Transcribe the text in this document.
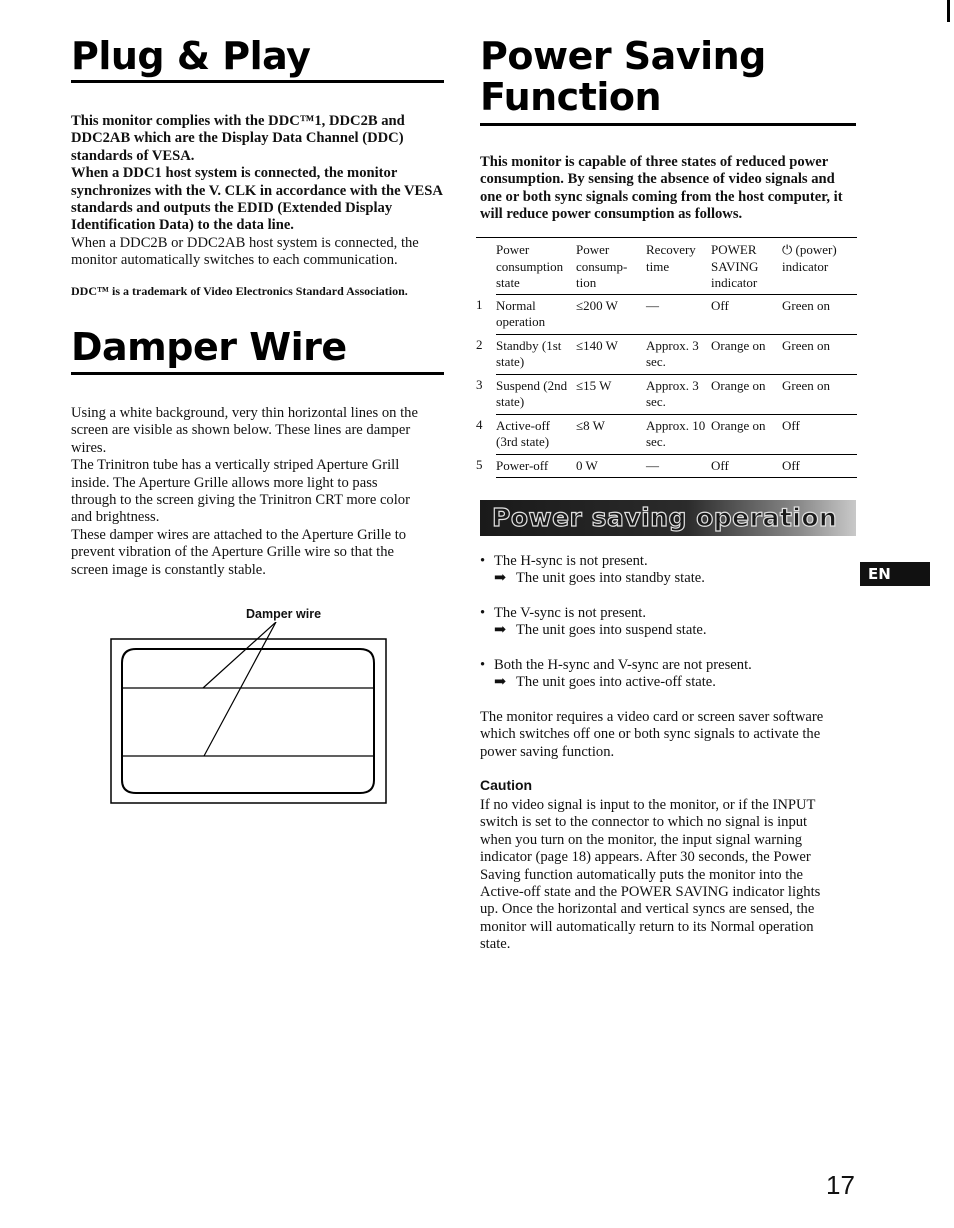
Plug & Play

This monitor complies with the DDC™1, DDC2B and

DDC2AB which are the Display Data Channel (DDC)

standards of VESA.

When a DDC1 host system is connected, the monitor

synchronizes with the V. CLK in accordance with the VESA

standards and outputs the EDID (Extended Display

Identification Data) to the data line.

When a DDC2B or DDC2AB host system is connected, the

monitor automatically switches to each communication.

DDC™ is a trademark of Video Electronics Standard Association.

Damper Wire

Using a white background, very thin horizontal lines on the

screen are visible as shown below. These lines are damper

wires.

The Trinitron tube has a vertically striped Aperture Grill

inside. The Aperture Grille allows more light to pass

through to the screen giving the Trinitron CRT more color

and brightness.

These damper wires are attached to the Aperture Grille to

prevent vibration of the Aperture Grille wire so that the

screen image is constantly stable.

Damper wire
Power Saving
Function

This monitor is capable of three states of reduced power

consumption. By sensing the absence of video signals and

one or both sync signals coming from the host computer, it

will reduce power consumption as follows.

	Power consumption state	Power consump-tion	Recovery time	POWER SAVING indicator	⏻ (power) indicator
1	Normal operation	≤200 W	—	Off	Green on
2	Standby (1st state)	≤140 W	Approx. 3 sec.	Orange on	Green on
3	Suspend (2nd state)	≤15 W	Approx. 3 sec.	Orange on	Green on
4	Active-off (3rd state)	≤8 W	Approx. 10 sec.	Orange on	Off
5	Power-off	0 W	—	Off	Off
Power saving operation
• The H-sync is not present.
➡ The unit goes into standby state.
• The V-sync is not present.
➡ The unit goes into suspend state.
• Both the H-sync and V-sync are not present.
➡ The unit goes into active-off state.

The monitor requires a video card or screen saver software

which switches off one or both sync signals to activate the

power saving function.

Caution

If no video signal is input to the monitor, or if the INPUT

switch is set to the connector to which no signal is input

when you turn on the monitor, the input signal warning

indicator (page 18) appears. After 30 seconds, the Power

Saving function automatically puts the monitor into the

Active-off state and the POWER SAVING indicator lights

up. Once the horizontal and vertical syncs are sensed, the

monitor will automatically return to its Normal operation

state.

EN
17
